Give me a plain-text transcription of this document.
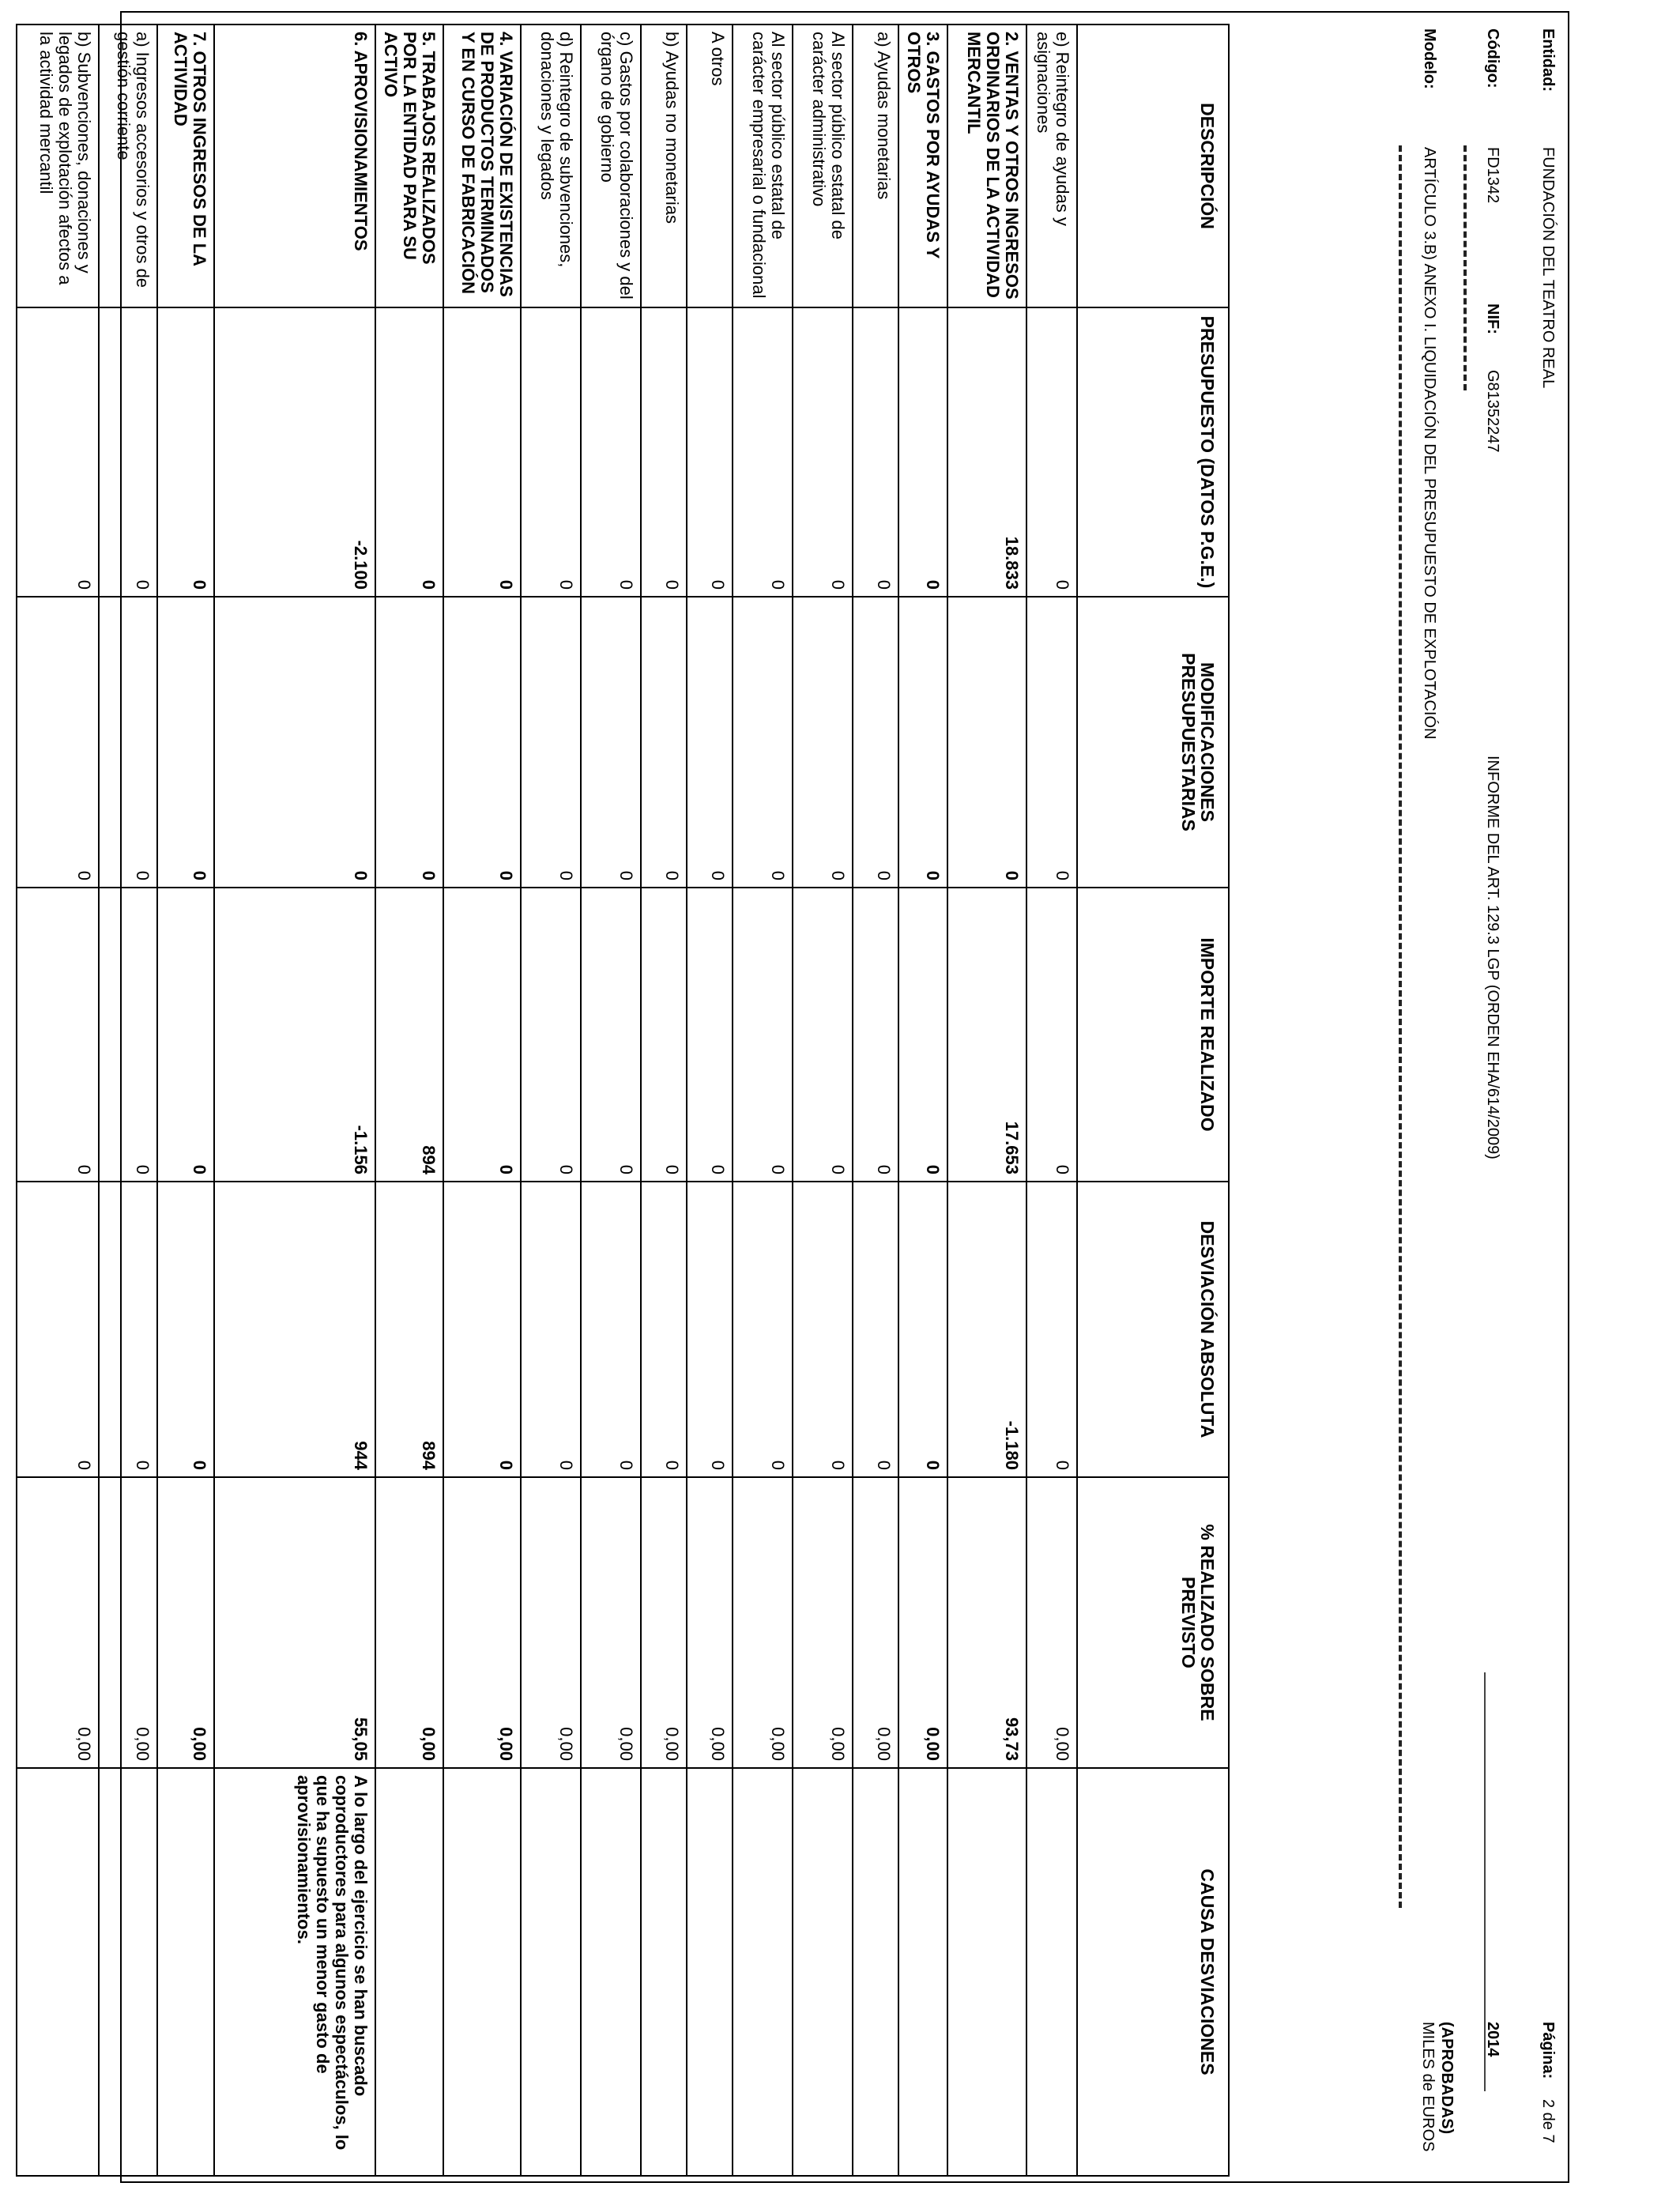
Entidad:
FUNDACIÓN DEL TEATRO REAL
Código:
FD1342
NIF:
G81352247
INFORME DEL ART. 129.3 LGP (ORDEN EHA/614/2009)
Modelo:
ARTÍCULO 3.B) ANEXO I. LIQUIDACIÓN DEL PRESUPUESTO DE EXPLOTACIÓN
Página:
2 de 7
2014
(APROBADAS)
MILES de EUROS
DESCRIPCIÓN	PRESUPUESTO (DATOS P.G.E.)	MODIFICACIONES PRESUPUESTARIAS	IMPORTE REALIZADO	DESVIACIÓN ABSOLUTA	% REALIZADO SOBRE PREVISTO	CAUSA DESVIACIONES
e) Reintegro de ayudas y asignaciones	0	0	0	0	0,00	
2. VENTAS Y OTROS INGRESOS ORDINARIOS DE LA ACTIVIDAD MERCANTIL	18.833	0	17.653	-1.180	93,73	
3. GASTOS POR AYUDAS Y OTROS	0	0	0	0	0,00	
a) Ayudas monetarias	0	0	0	0	0,00	
Al sector público estatal de carácter administrativo	0	0	0	0	0,00	
Al sector público estatal de carácter empresarial o fundacional	0	0	0	0	0,00	
A otros	0	0	0	0	0,00	
b) Ayudas no monetarias	0	0	0	0	0,00	
c) Gastos por colaboraciones y del órgano de gobierno	0	0	0	0	0,00	
d) Reintegro de subvenciones, donaciones y legados	0	0	0	0	0,00	
4. VARIACIÓN DE EXISTENCIAS DE PRODUCTOS TERMINADOS Y EN CURSO DE FABRICACIÓN	0	0	0	0	0,00	
5. TRABAJOS REALIZADOS POR LA ENTIDAD PARA SU ACTIVO	0	0	894	894	0,00	
6. APROVISIONAMIENTOS	-2.100	0	-1.156	944	55,05	A lo largo del ejercicio se han buscado coproductores para algunos espectáculos, lo que ha supuesto un menor gasto de aprovisionamientos.
7. OTROS INGRESOS DE LA ACTIVIDAD	0	0	0	0	0,00	
a) Ingresos accesorios y otros de gestión corriente	0	0	0	0	0,00	
b) Subvenciones, donaciones y legados de explotación afectos a la actividad mercantil	0	0	0	0	0,00	
